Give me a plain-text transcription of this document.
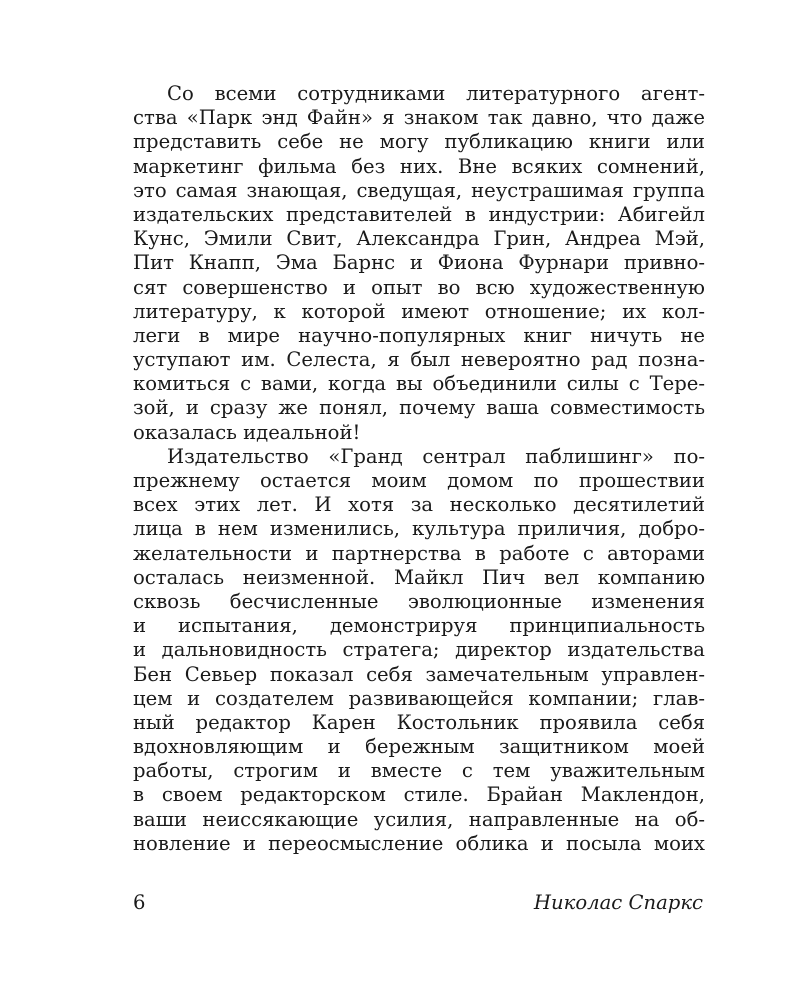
Со всеми сотрудниками литературного агент-
ства «Парк энд Файн» я знаком так давно, что даже
представить себе не могу публикацию книги или
маркетинг фильма без них. Вне всяких сомнений,
это самая знающая, сведущая, неустрашимая группа
издательских представителей в индустрии: Абигейл
Кунс, Эмили Свит, Александра Грин, Андреа Мэй,
Пит Кнапп, Эма Барнс и Фиона Фурнари привно-
сят совершенство и опыт во всю художественную
литературу, к которой имеют отношение; их кол-
леги в мире научно-популярных книг ничуть не
уступают им. Селеста, я был невероятно рад позна-
комиться с вами, когда вы объединили силы с Тере-
зой, и сразу же понял, почему ваша совместимость
оказалась идеальной!
Издательство «Гранд сентрал паблишинг» по-
прежнему остается моим домом по прошествии
всех этих лет. И хотя за несколько десятилетий
лица в нем изменились, культура приличия, добро-
желательности и партнерства в работе с авторами
осталась неизменной. Майкл Пич вел компанию
сквозь бесчисленные эволюционные изменения
и испытания, демонстрируя принципиальность
и дальновидность стратега; директор издательства
Бен Севьер показал себя замечательным управлен-
цем и создателем развивающейся компании; глав-
ный редактор Карен Костольник проявила себя
вдохновляющим и бережным защитником моей
работы, строгим и вместе с тем уважительным
в своем редакторском стиле. Брайан Маклендон,
ваши неиссякающие усилия, направленные на об-
новление и переосмысление облика и посыла моих
6	Николас Спаркс
